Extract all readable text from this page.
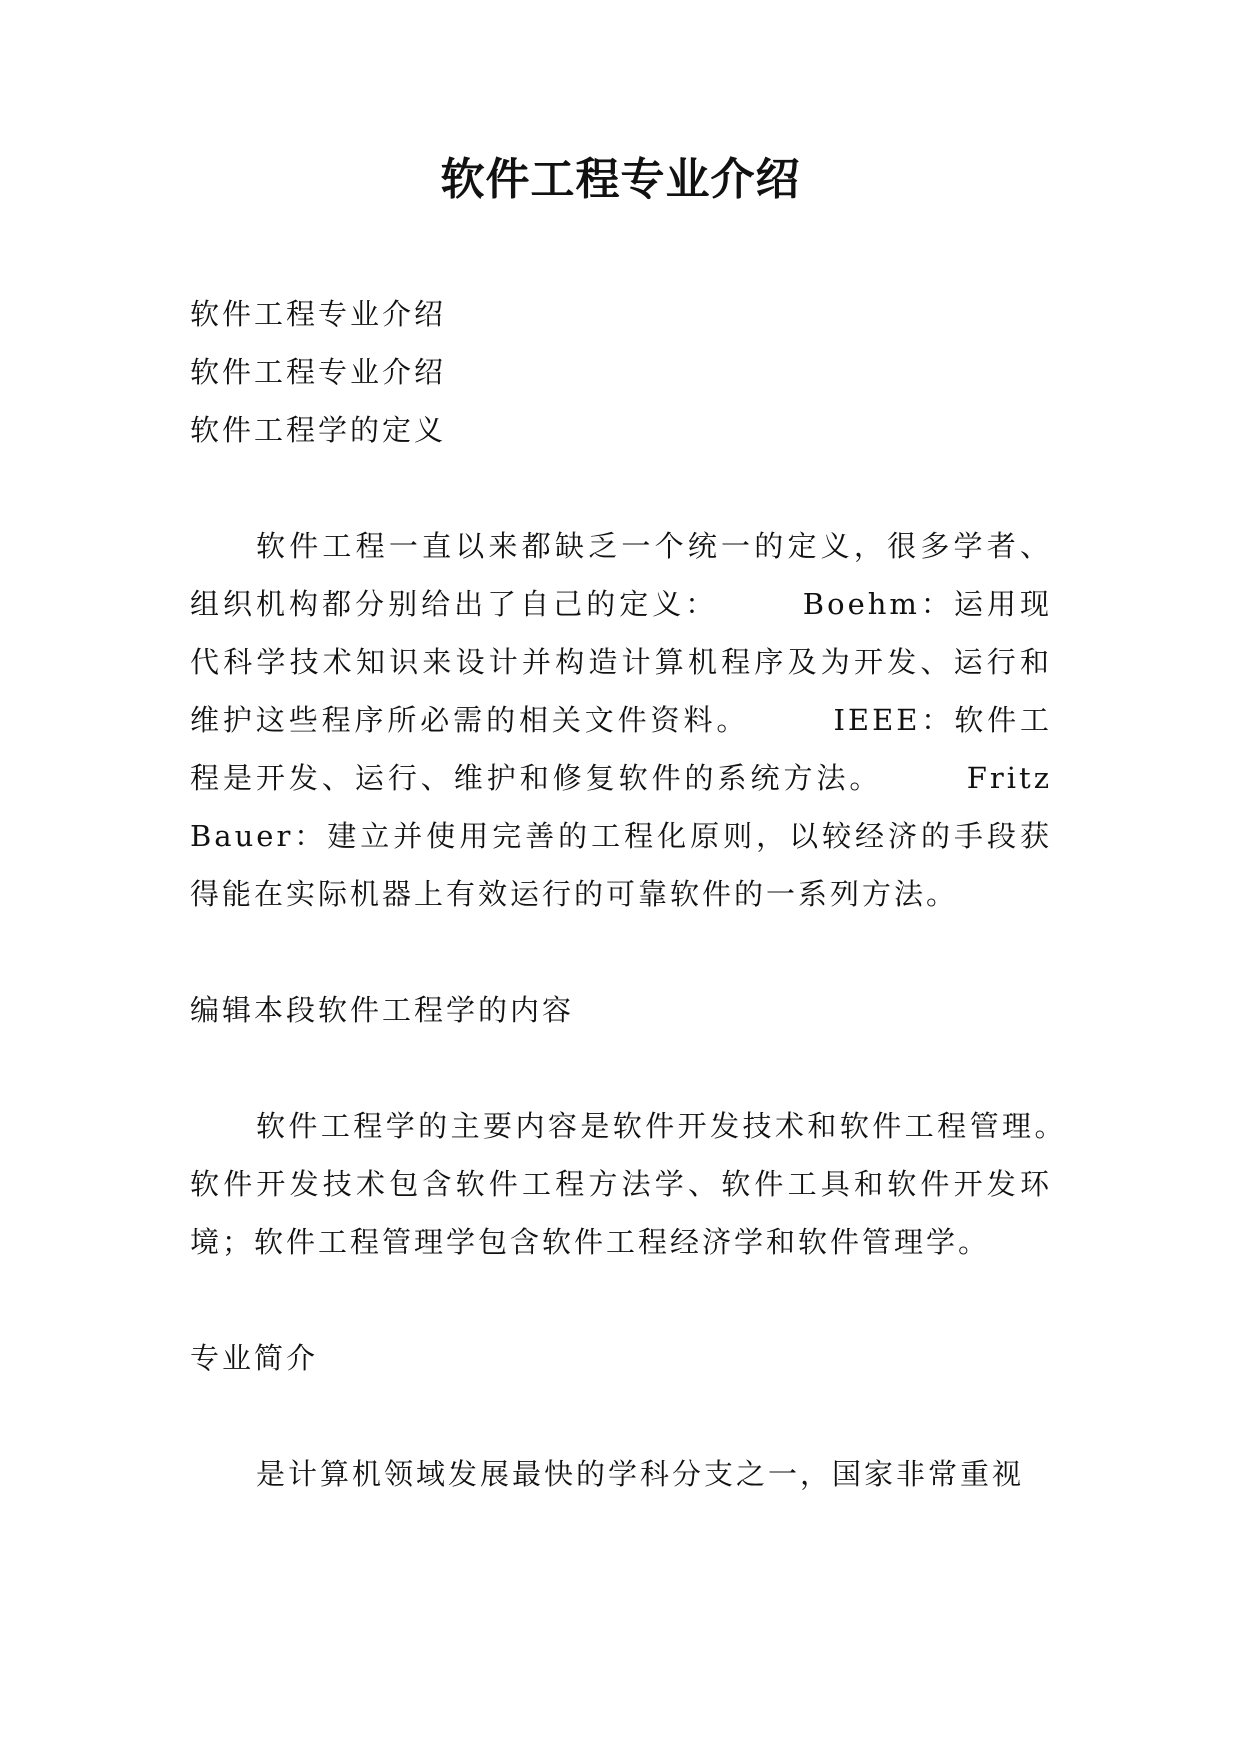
软件工程专业介绍

软件工程专业介绍

软件工程专业介绍

软件工程学的定义

软件工程一直以来都缺乏一个统一的定义，很多学者、组织机构都分别给出了自己的定义：　　　Boehm：运用现代科学技术知识来设计并构造计算机程序及为开发、运行和维护这些程序所必需的相关文件资料。　　　IEEE：软件工程是开发、运行、维护和修复软件的系统方法。　　　Fritz Bauer：建立并使用完善的工程化原则，以较经济的手段获得能在实际机器上有效运行的可靠软件的一系列方法。

编辑本段软件工程学的内容

软件工程学的主要内容是软件开发技术和软件工程管理。　　　软件开发技术包含软件工程方法学、软件工具和软件开发环境；软件工程管理学包含软件工程经济学和软件管理学。

专业简介

是计算机领域发展最快的学科分支之一，国家非常重视
